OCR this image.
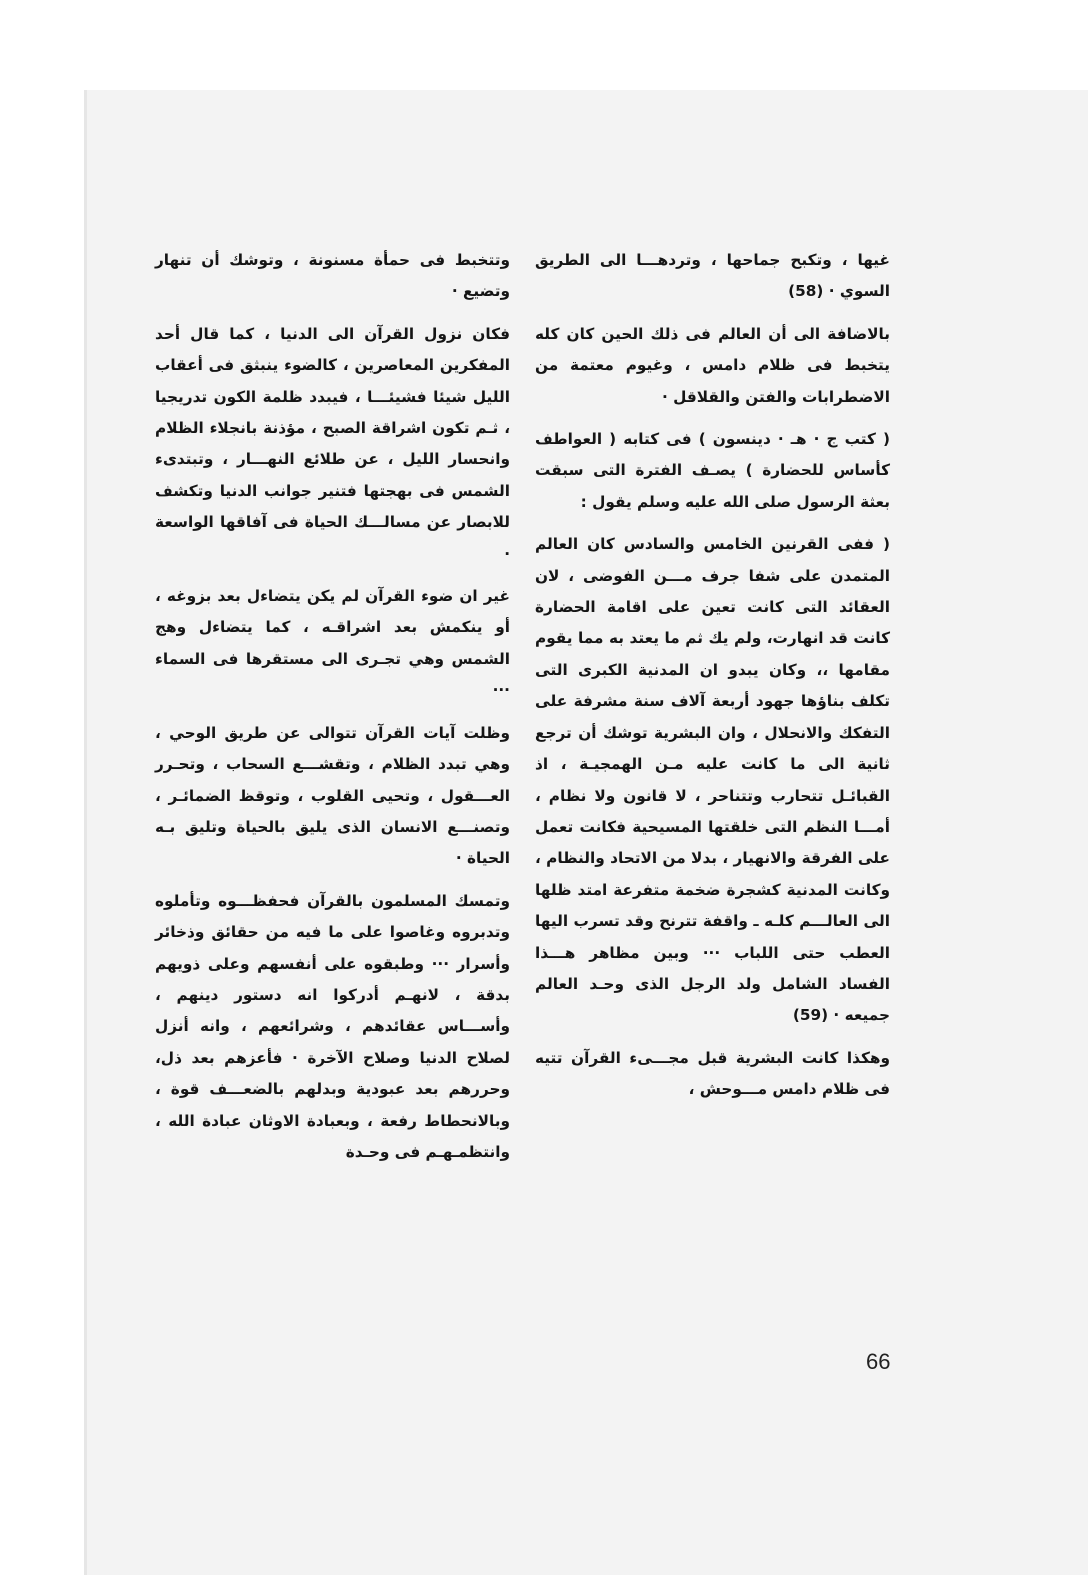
غيها ، وتكبح جماحها ، وتردهـــا الى الطريق السوي · (58)

بالاضافة الى أن العالم فى ذلك الحين كان كله يتخبط فى ظلام دامس ، وغيوم معتمة من الاضطرابات والفتن والقلاقل ·

( كتب ج · هـ · دينسون ) فى كتابه ( العواطف كأساس للحضارة ) يصـف الفترة التى سبقت بعثة الرسول صلى الله عليه وسلم يقول :

( ففى القرنين الخامس والسادس كان العالم المتمدن على شفا جرف مـــن الفوضى ، لان العقائد التى كانت تعين على اقامة الحضارة كانت قد انهارت، ولم يك ثم ما يعتد به مما يقوم مقامها ،، وكان يبدو ان المدنية الكبرى التى تكلف بناؤها جهود أربعة آلاف سنة مشرفة على التفكك والانحلال ، وان البشرية توشك أن ترجع ثانية الى ما كانت عليه مـن الهمجيـة ، اذ القبائـل تتحارب وتتناحر ، لا قانون ولا نظام ، أمـــا النظم التى خلقتها المسيحية فكانت تعمل على الفرقة والانهيار ، بدلا من الاتحاد والنظام ، وكانت المدنية كشجرة ضخمة متفرعة امتد ظلها الى العالـــم كلـه ـ واقفة تترنح وقد تسرب اليها العطب حتى اللباب ··· وبين مظاهر هـــذا الفساد الشامل ولد الرجل الذى وحـد العالم جميعه · (59)

وهكذا كانت البشرية قبل مجـــىء القرآن تتيه فى ظلام دامس مـــوحش ،

وتتخبط فى حمأة مسنونة ، وتوشك أن تنهار وتضيع ·

فكان نزول القرآن الى الدنيا ، كما قال أحد المفكرين المعاصرين ، كالضوء ينبثق فى أعقاب الليل شيئا فشيئـــا ، فيبدد ظلمة الكون تدريجيا ، ثـم تكون اشراقة الصبح ، مؤذنة بانجلاء الظلام وانحسار الليل ، عن طلائع النهـــار ، وتبتدىء الشمس فى بهجتها فتنير جوانب الدنيا وتكشف للابصار عن مسالـــك الحياة فى آفاقها الواسعة ·

غير ان ضوء القرآن لم يكن يتضاءل بعد بزوغه ، أو ينكمش بعد اشراقـه ، كما يتضاءل وهج الشمس وهي تجـرى الى مستقرها فى السماء ···

وظلت آيات القرآن تتوالى عن طريق الوحي ، وهي تبدد الظلام ، وتقشـــع السحاب ، وتحـرر العـــقول ، وتحيى القلوب ، وتوقظ الضمائـر ، وتصنـــع الانسان الذى يليق بالحياة وتليق بـه الحياة ·

وتمسك المسلمون بالقرآن فحفظـــوه وتأملوه وتدبروه وغاصوا على ما فيه من حقائق وذخائر وأسرار ··· وطبقوه على أنفسهم وعلى ذويهم بدقة ، لانهـم أدركوا انه دستور دينهم ، وأســـاس عقائدهم ، وشرائعهم ، وانه أنزل لصلاح الدنيا وصلاح الآخرة · فأعزهم بعد ذل، وحررهم بعد عبودية وبدلهم بالضعـــف قوة ، وبالانحطاط رفعة ، وبعبادة الاوثان عبادة الله ، وانتظمـهـم فى وحـدة

66
